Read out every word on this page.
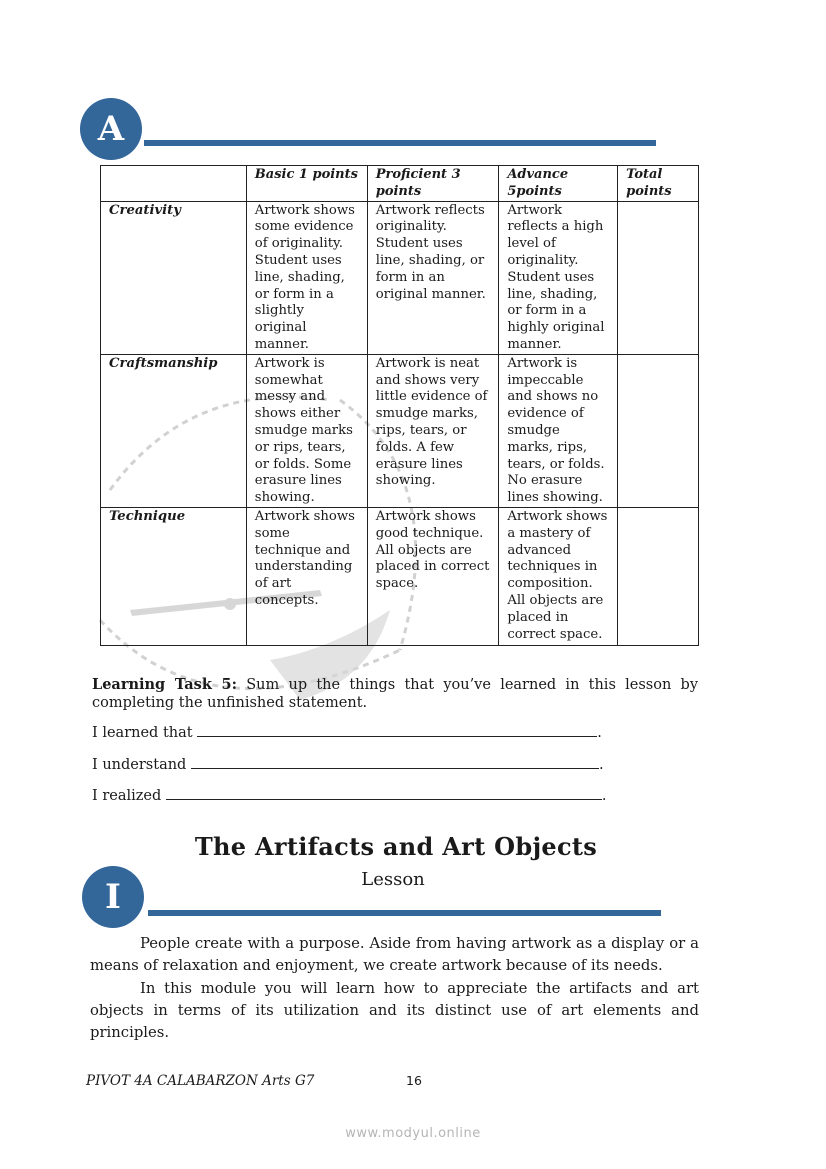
A
	Basic 1 points	Proficient 3 points	Advance 5points	Total points
Creativity	Artwork shows some evidence of originality. Student uses line, shading, or form in a slightly original manner.	Artwork reflects originality. Student uses line, shading, or form in an original manner.	Artwork reflects a high level of originality. Student uses line, shading, or form in a highly original manner.	
Craftsmanship	Artwork is somewhat messy and shows either smudge marks or rips, tears, or folds. Some erasure lines showing.	Artwork is neat and shows very little evidence of smudge marks, rips, tears, or folds. A few erasure lines showing.	Artwork is impeccable and shows no evidence of smudge marks, rips, tears, or folds. No erasure lines showing.	
Technique	Artwork shows some technique and understanding of art concepts.	Artwork shows good technique. All objects are placed in correct space.	Artwork shows a mastery of advanced techniques in composition. All objects are placed in correct space.	

Learning Task 5: Sum up the things that you’ve learned in this lesson by completing the unfinished statement.

I learned that	.
I understand	.
I realized	.
The Artifacts and Art Objects
Lesson
I

People create with a purpose. Aside from having artwork as a display or a means of relaxation and enjoyment, we create artwork because of its needs.

In this module you will learn how to appreciate the artifacts and art objects in terms of its utilization and its distinct use of art elements and principles.

PIVOT 4A CALABARZON Arts G7	16
www.modyul.online
